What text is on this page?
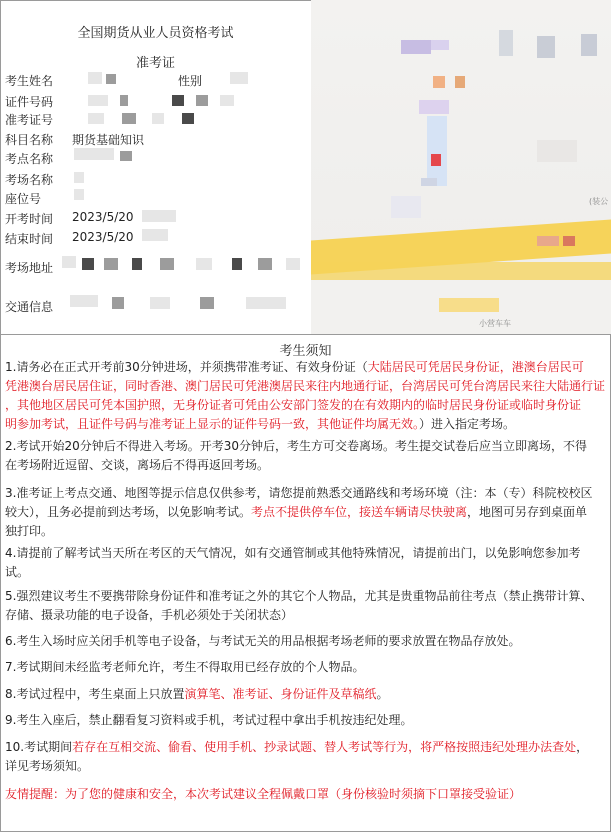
全国期货从业人员资格考试
准考证
考生姓名	性别
证件号码
准考证号
科目名称 期货基础知识
考点名称
考场名称
座位号
开考时间 2023/5/20
结束时间 2023/5/20
考场地址
交通信息
小营车车
(装公
考生须知
1.请务必在正式开考前30分钟进场，并须携带准考证、有效身份证（大陆居民可凭居民身份证，港澳台居民可
凭港澳台居民居住证，同时香港、澳门居民可凭港澳居民来往内地通行证，台湾居民可凭台湾居民来往大陆通行证
，其他地区居民可凭本国护照，无身份证者可凭由公安部门签发的在有效期内的临时居民身份证或临时身份证
明参加考试，且证件号码与准考证上显示的证件号码一致，其他证件均属无效。）进入指定考场。
2.考试开始20分钟后不得进入考场。开考30分钟后，考生方可交卷离场。考生提交试卷后应当立即离场，不得
在考场附近逗留、交谈，离场后不得再返回考场。
3.准考证上考点交通、地图等提示信息仅供参考，请您提前熟悉交通路线和考场环境（注：本（专）科院校校区
较大），且务必提前到达考场，以免影响考试。考点不提供停车位，接送车辆请尽快驶离，地图可另存到桌面单
独打印。
4.请提前了解考试当天所在考区的天气情况，如有交通管制或其他特殊情况，请提前出门，以免影响您参加考
试。
5.强烈建议考生不要携带除身份证件和准考证之外的其它个人物品，尤其是贵重物品前往考点（禁止携带计算、
存储、摄录功能的电子设备，手机必须处于关闭状态）
6.考生入场时应关闭手机等电子设备，与考试无关的用品根据考场老师的要求放置在物品存放处。
7.考试期间未经监考老师允许，考生不得取用已经存放的个人物品。
8.考试过程中，考生桌面上只放置演算笔、准考证、身份证件及草稿纸。
9.考生入座后，禁止翻看复习资料或手机，考试过程中拿出手机按违纪处理。
10.考试期间若存在互相交流、偷看、使用手机、抄录试题、替人考试等行为，将严格按照违纪处理办法查处，
详见考场须知。
友情提醒：为了您的健康和安全，本次考试建议全程佩戴口罩（身份核验时须摘下口罩接受验证）
